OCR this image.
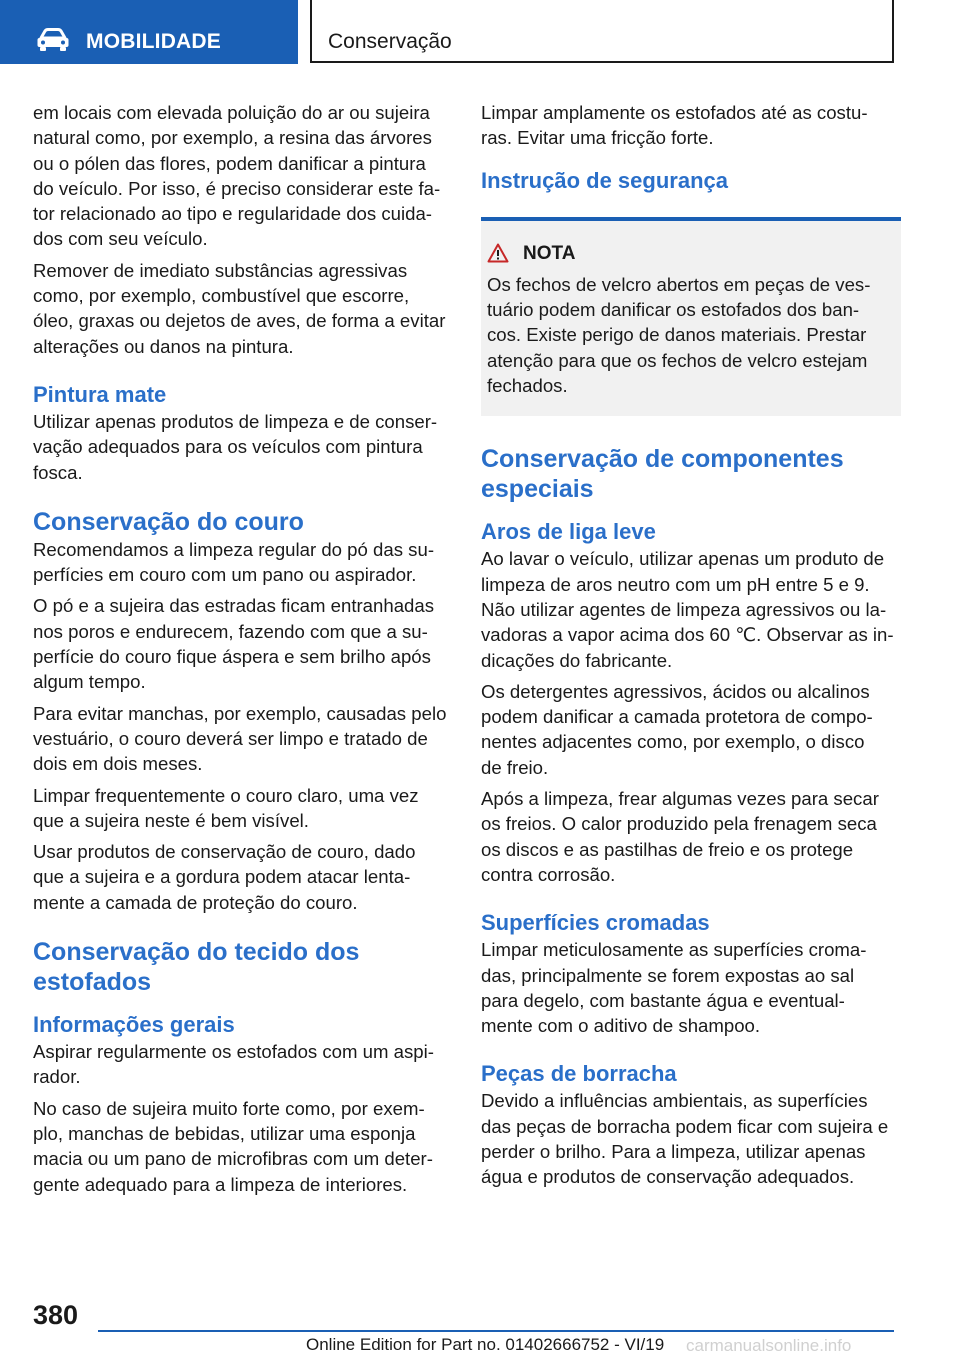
MOBILIDADE	Conservação

em locais com elevada poluição do ar ou sujeira
natural como, por exemplo, a resina das árvores
ou o pólen das flores, podem danificar a pintura
do veículo. Por isso, é preciso considerar este fa‐
tor relacionado ao tipo e regularidade dos cuida‐
dos com seu veículo.

Remover de imediato substâncias agressivas
como, por exemplo, combustível que escorre,
óleo, graxas ou dejetos de aves, de forma a evitar
alterações ou danos na pintura.

Pintura mate

Utilizar apenas produtos de limpeza e de conser‐
vação adequados para os veículos com pintura
fosca.

Conservação do couro

Recomendamos a limpeza regular do pó das su‐
perfícies em couro com um pano ou aspirador.

O pó e a sujeira das estradas ficam entranhadas
nos poros e endurecem, fazendo com que a su‐
perfície do couro fique áspera e sem brilho após
algum tempo.

Para evitar manchas, por exemplo, causadas pelo
vestuário, o couro deverá ser limpo e tratado de
dois em dois meses.

Limpar frequentemente o couro claro, uma vez
que a sujeira neste é bem visível.

Usar produtos de conservação de couro, dado
que a sujeira e a gordura podem atacar lenta‐
mente a camada de proteção do couro.

Conservação do tecido dos
estofados
Informações gerais

Aspirar regularmente os estofados com um aspi‐
rador.

No caso de sujeira muito forte como, por exem‐
plo, manchas de bebidas, utilizar uma esponja
macia ou um pano de microfibras com um deter‐
gente adequado para a limpeza de interiores.

Limpar amplamente os estofados até as costu‐
ras. Evitar uma fricção forte.

Instrução de segurança
NOTA

Os fechos de velcro abertos em peças de ves‐
tuário podem danificar os estofados dos ban‐
cos. Existe perigo de danos materiais. Prestar
atenção para que os fechos de velcro estejam
fechados.

Conservação de componentes
especiais
Aros de liga leve

Ao lavar o veículo, utilizar apenas um produto de
limpeza de aros neutro com um pH entre 5 e 9.
Não utilizar agentes de limpeza agressivos ou la‐
vadoras a vapor acima dos 60 ℃. Observar as in‐
dicações do fabricante.

Os detergentes agressivos, ácidos ou alcalinos
podem danificar a camada protetora de compo‐
nentes adjacentes como, por exemplo, o disco
de freio.

Após a limpeza, frear algumas vezes para secar
os freios. O calor produzido pela frenagem seca
os discos e as pastilhas de freio e os protege
contra corrosão.

Superfícies cromadas

Limpar meticulosamente as superfícies croma‐
das, principalmente se forem expostas ao sal
para degelo, com bastante água e eventual‐
mente com o aditivo de shampoo.

Peças de borracha

Devido a influências ambientais, as superfícies
das peças de borracha podem ficar com sujeira e
perder o brilho. Para a limpeza, utilizar apenas
água e produtos de conservação adequados.

380
Online Edition for Part no. 01402666752 - VI/19 carmanualsonline.info
